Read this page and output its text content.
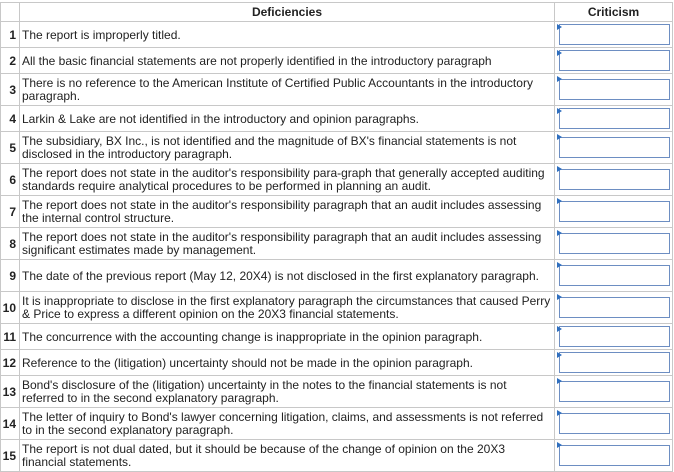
	Deficiencies	Criticism
1	The report is improperly titled.	

2	All the basic financial statements are not properly identified in the introductory paragraph	

3	There is no reference to the American Institute of Certified Public Accountants in the introductory paragraph.	

4	Larkin & Lake are not identified in the introductory and opinion paragraphs.	

5	The subsidiary, BX Inc., is not identified and the magnitude of BX's financial statements is not disclosed in the introductory paragraph.	

6	The report does not state in the auditor's responsibility para-graph that generally accepted auditing standards require analytical procedures to be performed in planning an audit.	

7	The report does not state in the auditor's responsibility paragraph that an audit includes assessing the internal control structure.	

8	The report does not state in the auditor's responsibility paragraph that an audit includes assessing significant estimates made by management.	

9	The date of the previous report (May 12, 20X4) is not disclosed in the first explanatory paragraph.	

10	It is inappropriate to disclose in the first explanatory paragraph the circumstances that caused Perry & Price to express a different opinion on the 20X3 financial statements.	

11	The concurrence with the accounting change is inappropriate in the opinion paragraph.	

12	Reference to the (litigation) uncertainty should not be made in the opinion paragraph.	

13	Bond's disclosure of the (litigation) uncertainty in the notes to the financial statements is not referred to in the second explanatory paragraph.	

14	The letter of inquiry to Bond's lawyer concerning litigation, claims, and assessments is not referred to in the second explanatory paragraph.	

15	The report is not dual dated, but it should be because of the change of opinion on the 20X3 financial statements.	
